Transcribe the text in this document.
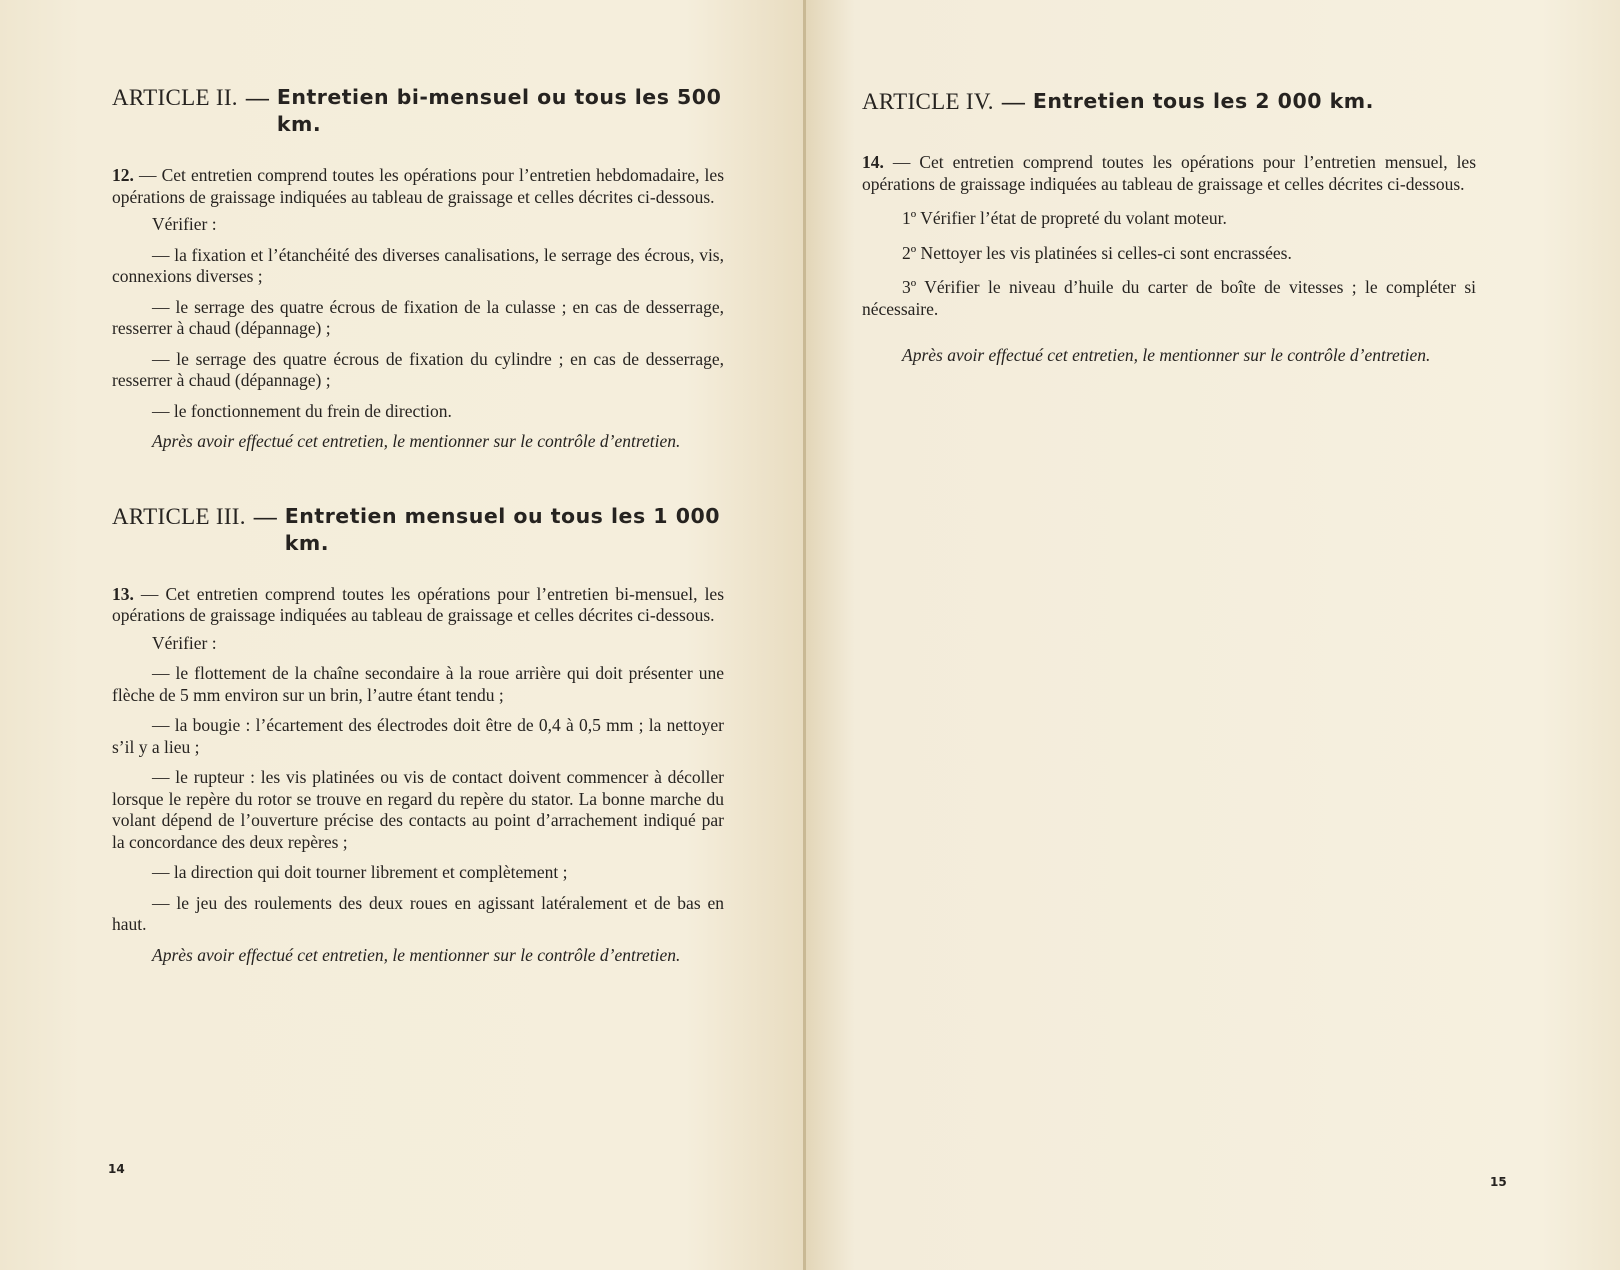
ARTICLE II. — Entretien bi-mensuel ou tous les 500 km.

12. — Cet entretien comprend toutes les opérations pour l’entretien hebdomadaire, les opérations de graissage indiquées au tableau de graissage et celles décrites ci-dessous.

Vérifier :

— la fixation et l’étanchéité des diverses canalisations, le serrage des écrous, vis, connexions diverses ;

— le serrage des quatre écrous de fixation de la culasse ; en cas de desserrage, resserrer à chaud (dépannage) ;

— le serrage des quatre écrous de fixation du cylindre ; en cas de desserrage, resserrer à chaud (dépannage) ;

— le fonctionnement du frein de direction.

Après avoir effectué cet entretien, le mentionner sur le contrôle d’entretien.

ARTICLE III. — Entretien mensuel ou tous les 1 000 km.

13. — Cet entretien comprend toutes les opérations pour l’entretien bi-mensuel, les opérations de graissage indiquées au tableau de graissage et celles décrites ci-dessous.

Vérifier :

— le flottement de la chaîne secondaire à la roue arrière qui doit présenter une flèche de 5 mm environ sur un brin, l’autre étant tendu ;

— la bougie : l’écartement des électrodes doit être de 0,4 à 0,5 mm ; la nettoyer s’il y a lieu ;

— le rupteur : les vis platinées ou vis de contact doivent commencer à décoller lorsque le repère du rotor se trouve en regard du repère du stator. La bonne marche du volant dépend de l’ouverture précise des contacts au point d’arrachement indiqué par la concordance des deux repères ;

— la direction qui doit tourner librement et complètement ;

— le jeu des roulements des deux roues en agissant latéralement et de bas en haut.

Après avoir effectué cet entretien, le mentionner sur le contrôle d’entretien.

14
ARTICLE IV. — Entretien tous les 2 000 km.

14. — Cet entretien comprend toutes les opérations pour l’entretien mensuel, les opérations de graissage indiquées au tableau de graissage et celles décrites ci-dessous.

1º Vérifier l’état de propreté du volant moteur.

2º Nettoyer les vis platinées si celles-ci sont encrassées.

3º Vérifier le niveau d’huile du carter de boîte de vitesses ; le compléter si nécessaire.

Après avoir effectué cet entretien, le mentionner sur le contrôle d’entretien.

15
